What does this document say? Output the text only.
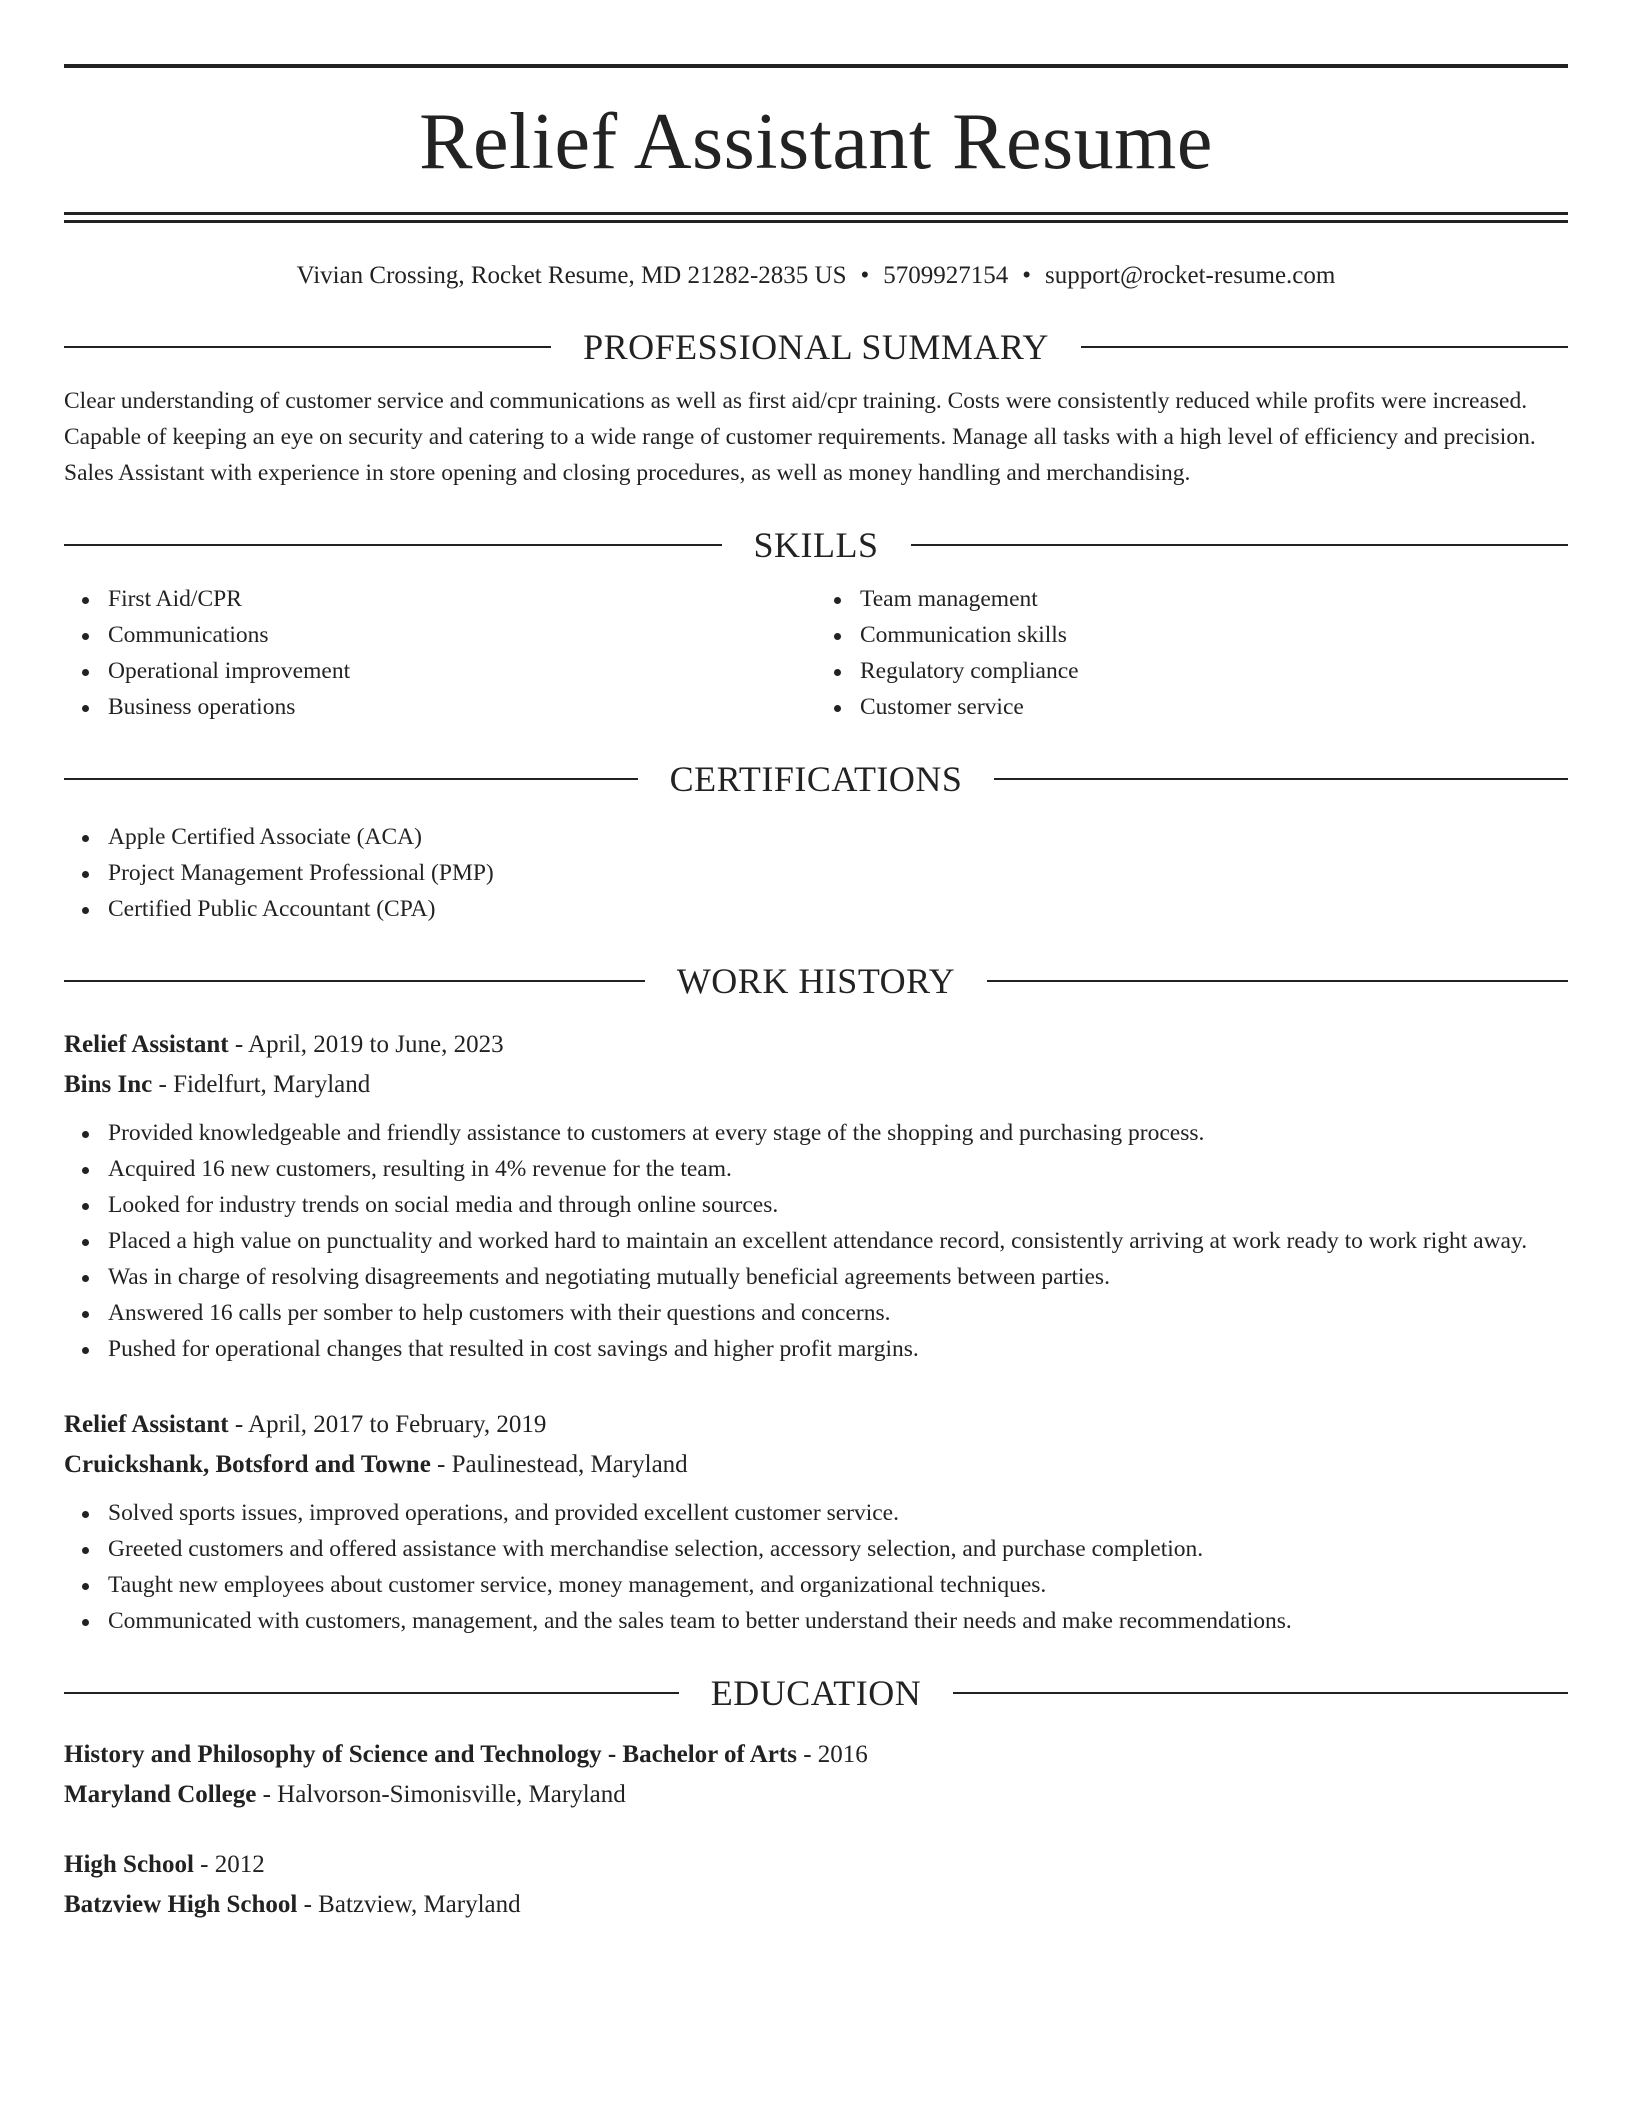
Relief Assistant Resume
Vivian Crossing, Rocket Resume, MD 21282-2835 US • 5709927154 • support@rocket-resume.com
PROFESSIONAL SUMMARY
Clear understanding of customer service and communications as well as first aid/cpr training. Costs were consistently reduced while profits were increased. Capable of keeping an eye on security and catering to a wide range of customer requirements. Manage all tasks with a high level of efficiency and precision. Sales Assistant with experience in store opening and closing procedures, as well as money handling and merchandising.
SKILLS
First Aid/CPR
Communications
Operational improvement
Business operations
Team management
Communication skills
Regulatory compliance
Customer service
CERTIFICATIONS
Apple Certified Associate (ACA)
Project Management Professional (PMP)
Certified Public Accountant (CPA)
WORK HISTORY
Relief Assistant - April, 2019 to June, 2023
Bins Inc - Fidelfurt, Maryland
Provided knowledgeable and friendly assistance to customers at every stage of the shopping and purchasing process.
Acquired 16 new customers, resulting in 4% revenue for the team.
Looked for industry trends on social media and through online sources.
Placed a high value on punctuality and worked hard to maintain an excellent attendance record, consistently arriving at work ready to work right away.
Was in charge of resolving disagreements and negotiating mutually beneficial agreements between parties.
Answered 16 calls per somber to help customers with their questions and concerns.
Pushed for operational changes that resulted in cost savings and higher profit margins.
Relief Assistant - April, 2017 to February, 2019
Cruickshank, Botsford and Towne - Paulinestead, Maryland
Solved sports issues, improved operations, and provided excellent customer service.
Greeted customers and offered assistance with merchandise selection, accessory selection, and purchase completion.
Taught new employees about customer service, money management, and organizational techniques.
Communicated with customers, management, and the sales team to better understand their needs and make recommendations.
EDUCATION
History and Philosophy of Science and Technology - Bachelor of Arts - 2016
Maryland College - Halvorson-Simonisville, Maryland
High School - 2012
Batzview High School - Batzview, Maryland
